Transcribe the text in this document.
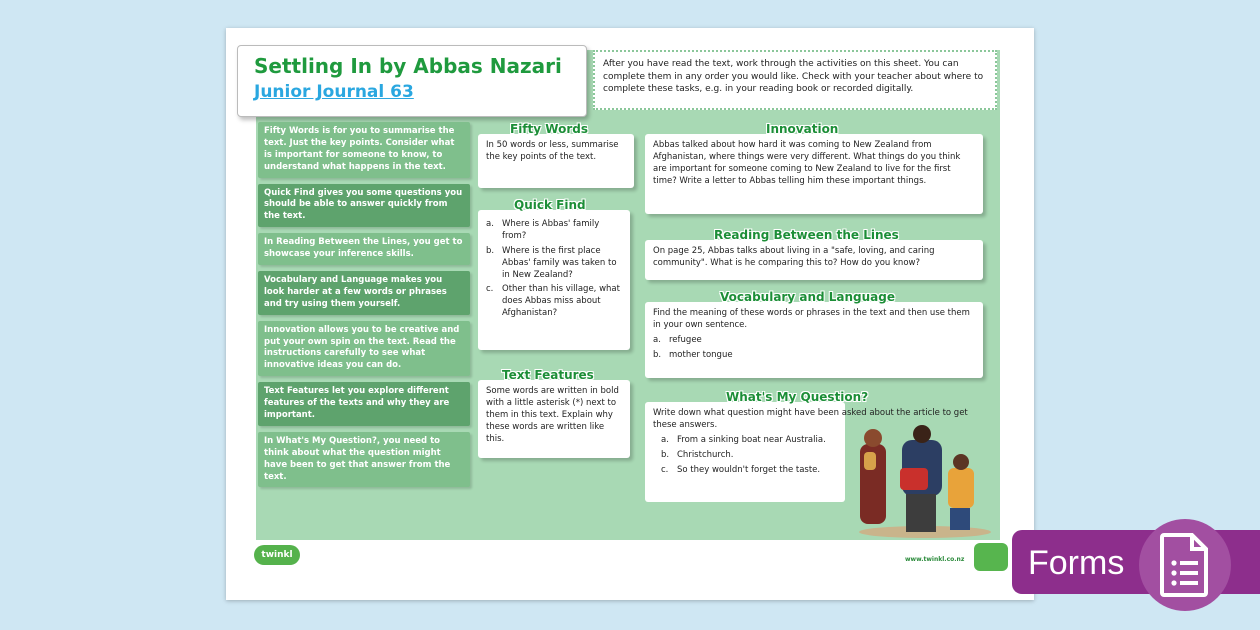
Settling In by Abbas Nazari
Junior Journal 63
After you have read the text, work through the activities on this sheet. You can complete them in any order you would like. Check with your teacher about where to complete these tasks, e.g. in your reading book or recorded digitally.
Fifty Words is for you to summarise the text. Just the key points. Consider what is important for someone to know, to understand what happens in the text.
Quick Find gives you some questions you should be able to answer quickly from the text.
In Reading Between the Lines, you get to showcase your inference skills.
Vocabulary and Language makes you look harder at a few words or phrases and try using them yourself.
Innovation allows you to be creative and put your own spin on the text. Read the instructions carefully to see what innovative ideas you can do.
Text Features let you explore different features of the texts and why they are important.
In What's My Question?, you need to think about what the question might have been to get that answer from the text.
Fifty Words
In 50 words or less, summarise the key points of the text.
Quick Find
a. Where is Abbas' family from?
b. Where is the first place Abbas' family was taken to in New Zealand?
c.	Other than his village, what does Abbas miss about Afghanistan?
Text Features
Some words are written in bold with a little asterisk (*) next to them in this text. Explain why these words are written like this.
Innovation
Abbas talked about how hard it was coming to New Zealand from Afghanistan, where things were very different. What things do you think are important for someone coming to New Zealand to live for the first time? Write a letter to Abbas telling him these important things.
Reading Between the Lines
On page 25, Abbas talks about living in a "safe, loving, and caring community". What is he comparing this to? How do you know?
Vocabulary and Language
Find the meaning of these words or phrases in the text and then use them in your own sentence.
a. refugee
b. mother tongue
What's My Question?
Write down what question might have been asked about the article to get these answers.
a. From a sinking boat near Australia.
b. Christchurch.
c.	So they wouldn't forget the taste.
twinkl	www.twinkl.co.nz Forms
